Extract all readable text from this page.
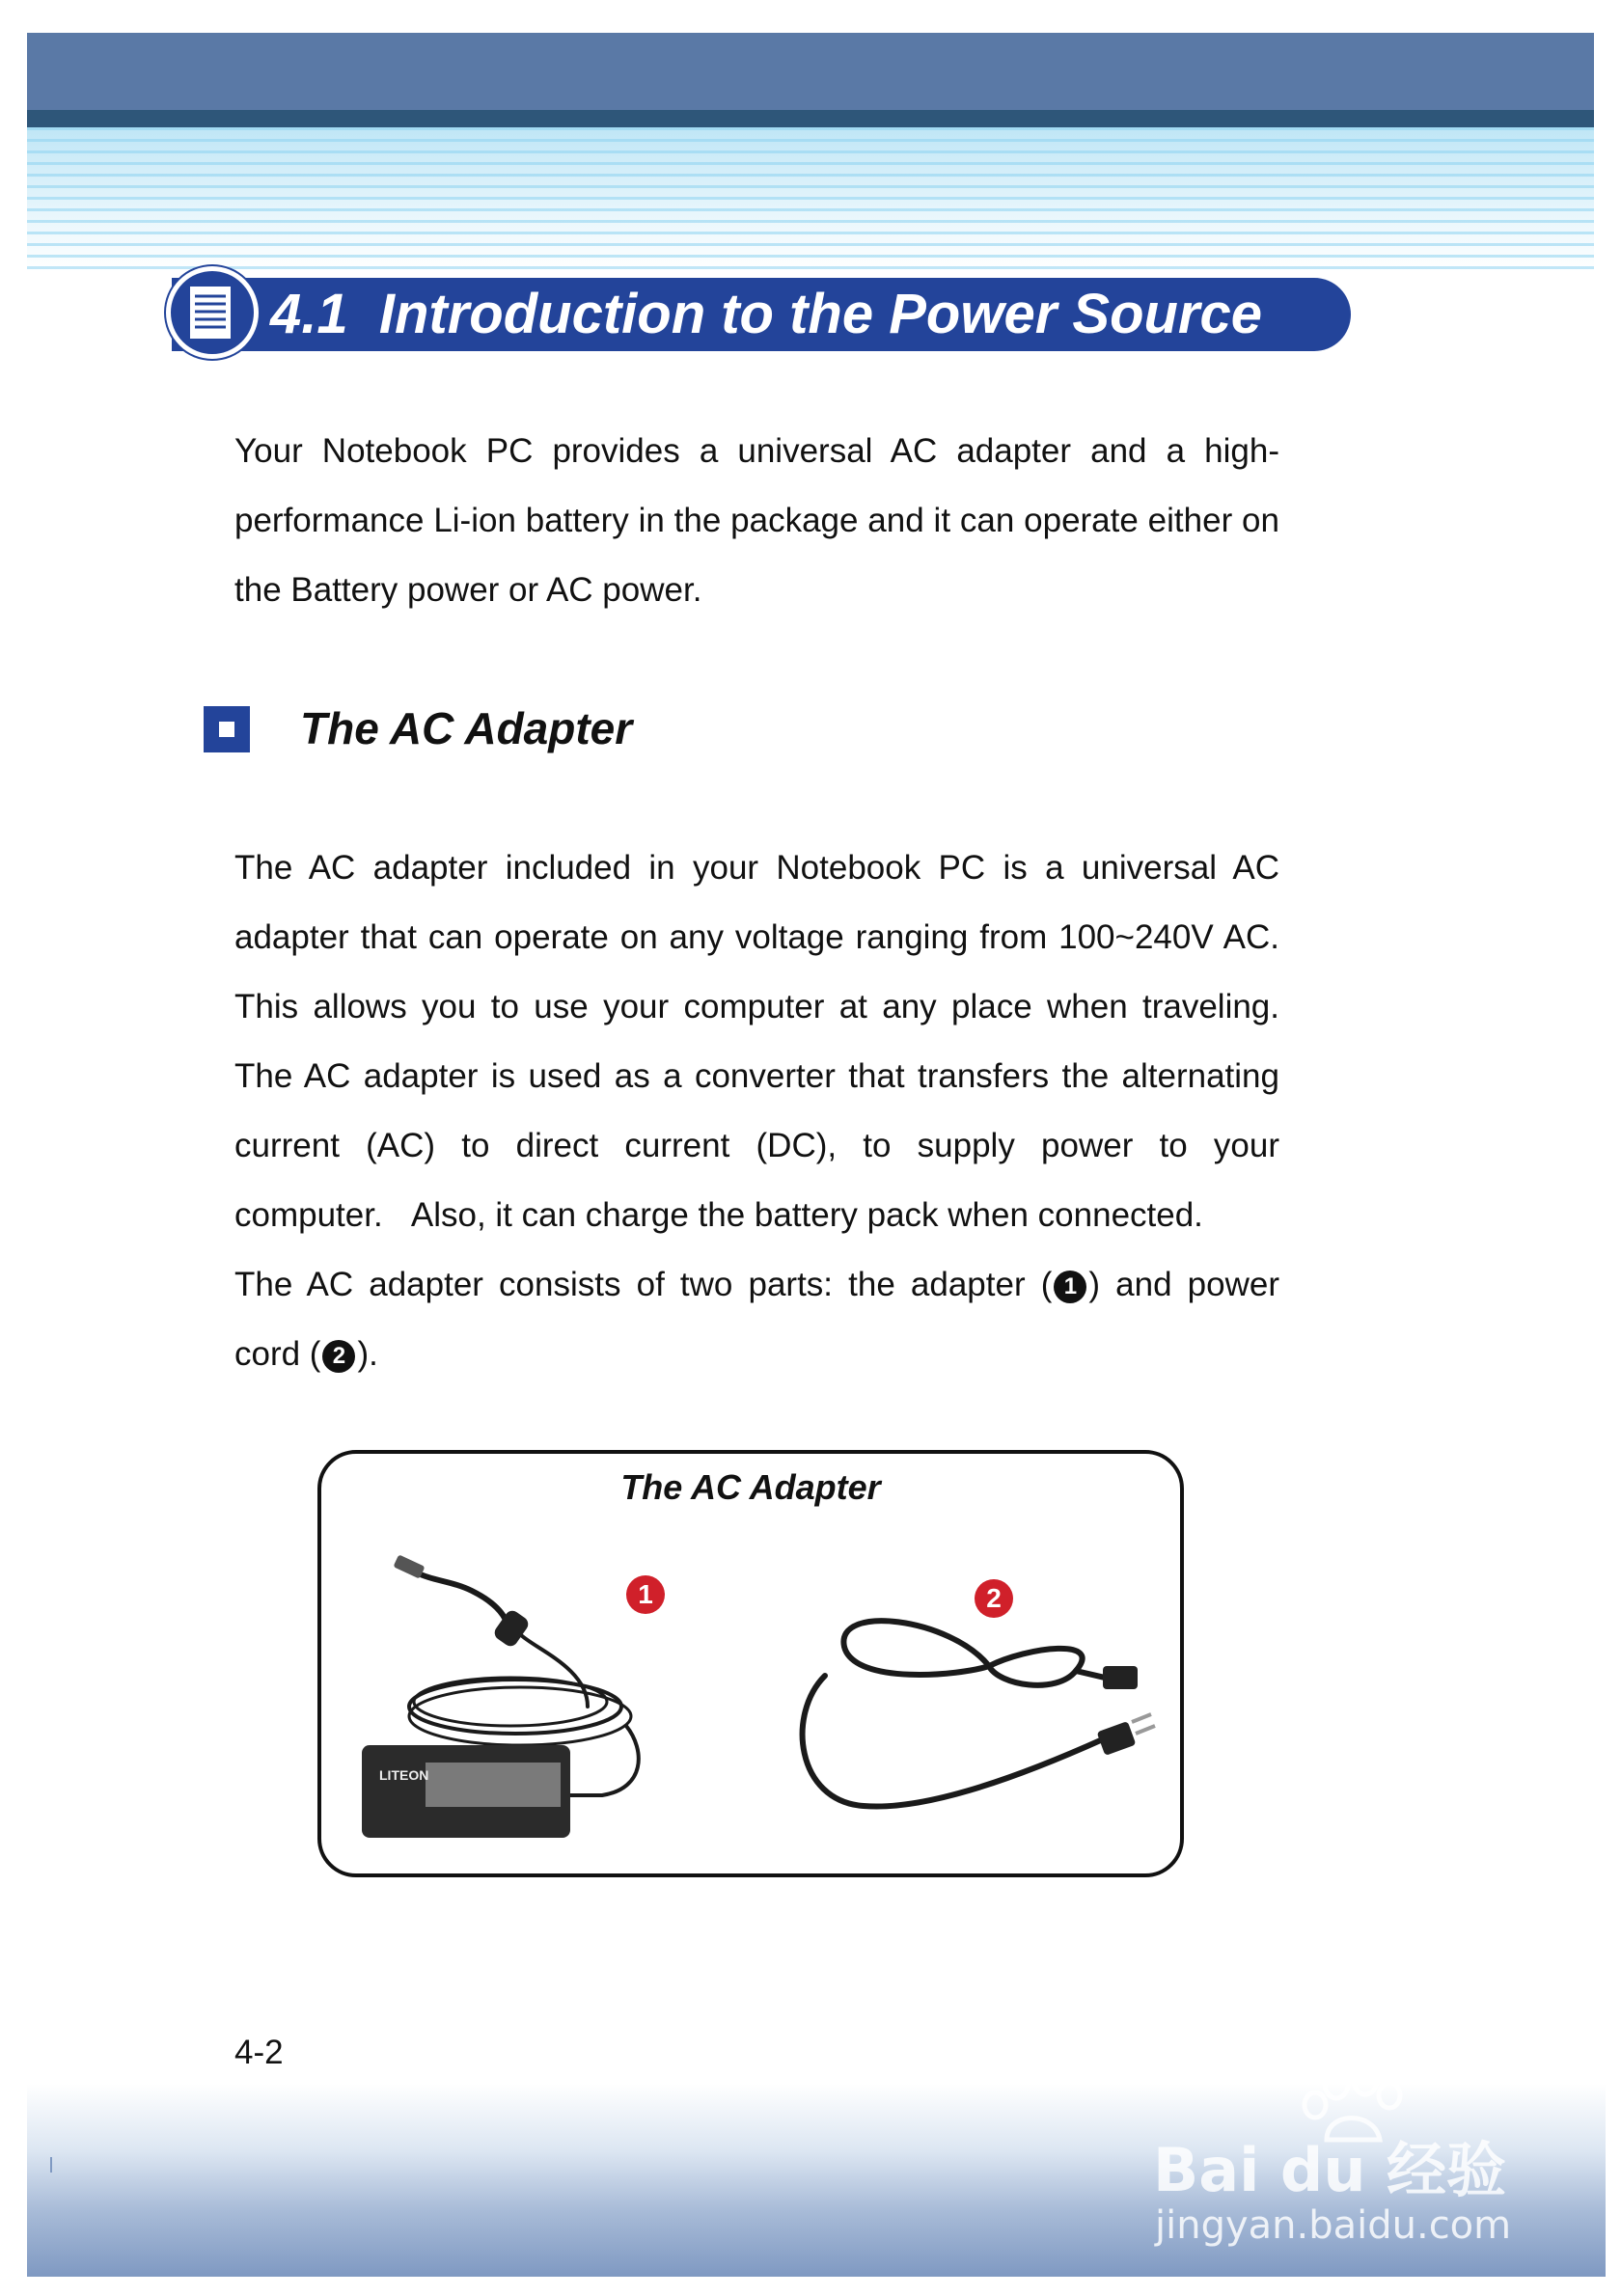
4.1 Introduction to the Power Source
Your Notebook PC provides a universal AC adapter and a high-performance Li-ion battery in the package and it can operate either on the Battery power or AC power.
The AC Adapter
The AC adapter included in your Notebook PC is a universal AC adapter that can operate on any voltage ranging from 100~240V AC. This allows you to use your computer at any place when traveling. The AC adapter is used as a converter that transfers the alternating current (AC) to direct current (DC), to supply power to your computer.   Also, it can charge the battery pack when connected.
The AC adapter consists of two parts: the adapter ( 1 ) and power cord ( 2 ).
The AC Adapter
LITEON
1	2
4-2
Bai du 经验
jingyan.baidu.com
